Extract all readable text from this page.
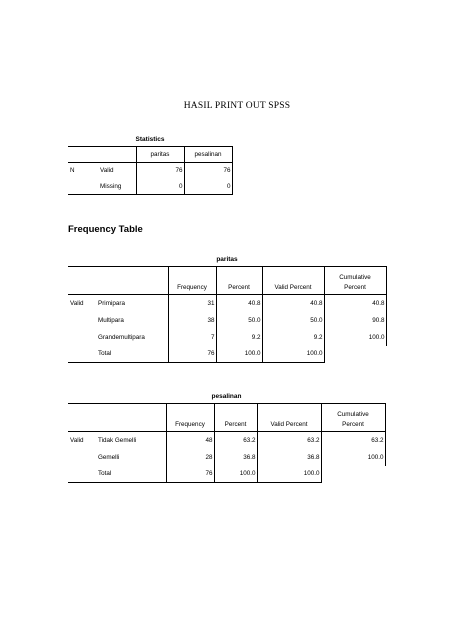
HASIL PRINT OUT SPSS
Statistics
		paritas	pesalinan
N	Valid	76	76
	Missing	0	0
Frequency Table
paritas
					Cumulative
		Frequency	Percent	Valid Percent	Percent
Valid	Primipara	31	40.8	40.8	40.8
	Multipara	38	50.0	50.0	90.8
	Grandemultipara	7	9.2	9.2	100.0
	Total	76	100.0	100.0	
pesalinan
					Cumulative
		Frequency	Percent	Valid Percent	Percent
Valid	Tidak Gemelli	48	63.2	63.2	63.2
	Gemelli	28	36.8	36.8	100.0
	Total	76	100.0	100.0	
